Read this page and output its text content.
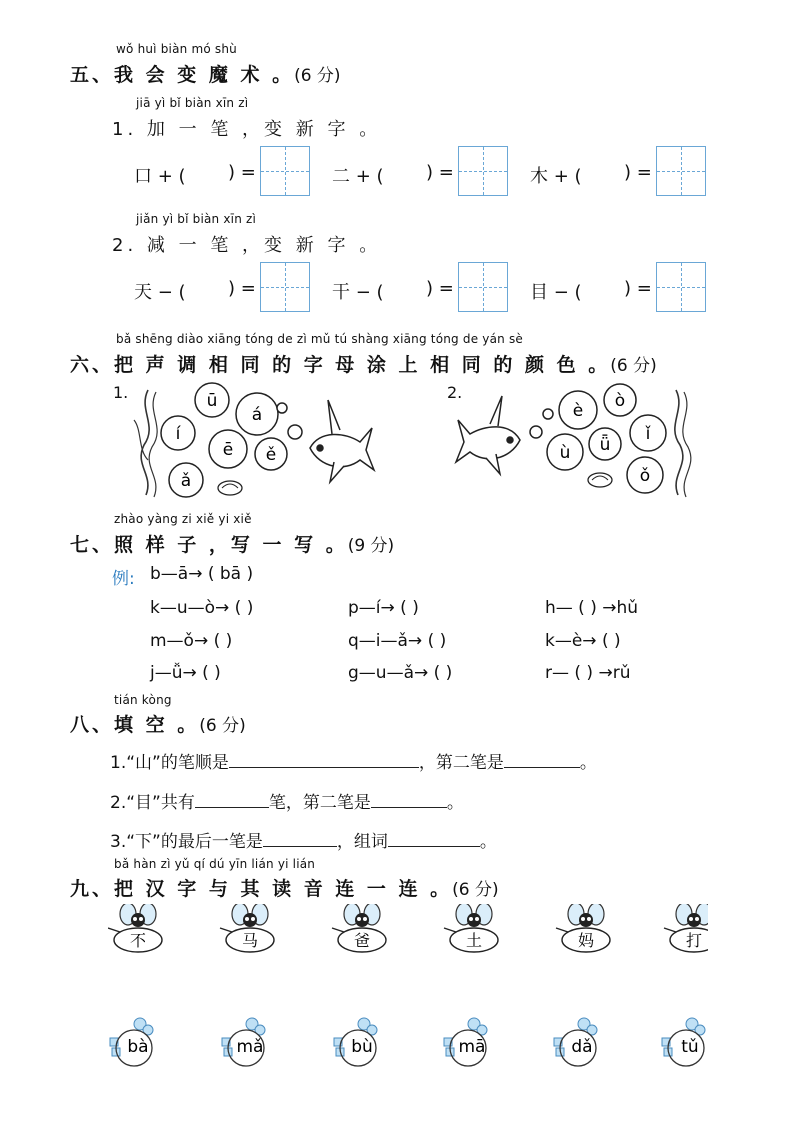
wǒ huì biàn mó shù
五、我 会 变 魔 术 。(6 分)
jiā yì bǐ biàn xīn zì
1. 加 一 笔 ，变 新 字 。
口 + ( ) =	二 + ( ) =	木 + ( ) =
jiǎn yì bǐ biàn xīn zì
2. 减 一 笔 ，变 新 字 。
天 − ( ) =	干 − ( ) =	目 − ( ) =
bǎ shēng diào xiāng tóng de zì mǔ tú shàng xiāng tóng de yán sè
六、把 声 调 相 同 的 字 母 涂 上 相 同 的 颜 色 。(6 分)
1.	2.
ū
á
í
ē ě
ǎ
è ò
ù ǖ
ǐ
ǒ
zhào yàng zi xiě yi xiě
七、照 样 子 ，写 一 写 。(9 分)
例: b—ā→ ( bā )
k—u—ò→ ( )	p—í→ ( )	h— ( ) →hǔ
m—ǒ→ ( )	q—i—ǎ→ ( )	k—è→ ( )
j—ǚ→ ( )	g—u—ǎ→ ( )	r— ( ) →rǔ
tián kòng
八、填 空 。(6 分)
1.“山”的笔顺是	，第二笔是	。
2.“目”共有	笔，第二笔是	。
3.“下”的最后一笔是	，组词	。
bǎ hàn zì yǔ qí dú yīn lián yi lián
九、把 汉 字 与 其 读 音 连 一 连 。(6 分)
不	马	爸	土	妈	打
bà	mǎ	bù	mā	dǎ	tǔ
